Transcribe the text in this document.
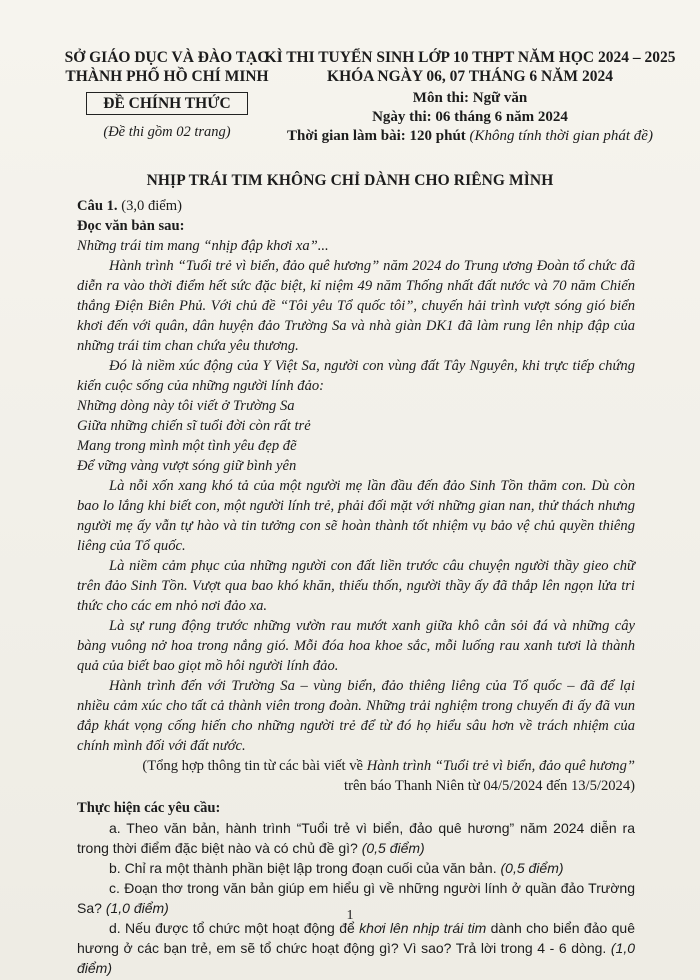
SỞ GIÁO DỤC VÀ ĐÀO TẠO
THÀNH PHỐ HỒ CHÍ MINH
ĐỀ CHÍNH THỨC
(Đề thi gồm 02 trang)
KÌ THI TUYỂN SINH LỚP 10 THPT NĂM HỌC 2024 – 2025
KHÓA NGÀY 06, 07 THÁNG 6 NĂM 2024
Môn thi: Ngữ văn
Ngày thi: 06 tháng 6 năm 2024
Thời gian làm bài: 120 phút (Không tính thời gian phát đề)
NHỊP TRÁI TIM KHÔNG CHỈ DÀNH CHO RIÊNG MÌNH

Câu 1. (3,0 điểm)

Đọc văn bản sau:

Những trái tim mang “nhịp đập khơi xa”...

Hành trình “Tuổi trẻ vì biển, đảo quê hương” năm 2024 do Trung ương Đoàn tổ chức đã diễn ra vào thời điểm hết sức đặc biệt, kỉ niệm 49 năm Thống nhất đất nước và 70 năm Chiến thắng Điện Biên Phủ. Với chủ đề “Tôi yêu Tổ quốc tôi”, chuyến hải trình vượt sóng gió biển khơi đến với quân, dân huyện đảo Trường Sa và nhà giàn DK1 đã làm rung lên nhịp đập của những trái tim chan chứa yêu thương.

Đó là niềm xúc động của Y Việt Sa, người con vùng đất Tây Nguyên, khi trực tiếp chứng kiến cuộc sống của những người lính đảo:

Những dòng này tôi viết ở Trường Sa

Giữa những chiến sĩ tuổi đời còn rất trẻ

Mang trong mình một tình yêu đẹp đẽ

Để vững vàng vượt sóng giữ bình yên

Là nỗi xốn xang khó tả của một người mẹ lần đầu đến đảo Sinh Tồn thăm con. Dù còn bao lo lắng khi biết con, một người lính trẻ, phải đối mặt với những gian nan, thử thách nhưng người mẹ ấy vẫn tự hào và tin tưởng con sẽ hoàn thành tốt nhiệm vụ bảo vệ chủ quyền thiêng liêng của Tổ quốc.

Là niềm cảm phục của những người con đất liền trước câu chuyện người thầy gieo chữ trên đảo Sinh Tồn. Vượt qua bao khó khăn, thiếu thốn, người thầy ấy đã thắp lên ngọn lửa tri thức cho các em nhỏ nơi đảo xa.

Là sự rung động trước những vườn rau mướt xanh giữa khô cằn sỏi đá và những cây bàng vuông nở hoa trong nắng gió. Mỗi đóa hoa khoe sắc, mỗi luống rau xanh tươi là thành quả của biết bao giọt mồ hôi người lính đảo.

Hành trình đến với Trường Sa – vùng biển, đảo thiêng liêng của Tổ quốc – đã để lại nhiều cảm xúc cho tất cả thành viên trong đoàn. Những trải nghiệm trong chuyến đi ấy đã vun đắp khát vọng cống hiến cho những người trẻ để từ đó họ hiểu sâu hơn về trách nhiệm của chính mình đối với đất nước.

(Tổng hợp thông tin từ các bài viết về Hành trình “Tuổi trẻ vì biển, đảo quê hương”

trên báo Thanh Niên từ 04/5/2024 đến 13/5/2024)

Thực hiện các yêu cầu:

a. Theo văn bản, hành trình “Tuổi trẻ vì biển, đảo quê hương” năm 2024 diễn ra trong thời điểm đặc biệt nào và có chủ đề gì? (0,5 điểm)

b. Chỉ ra một thành phần biệt lập trong đoạn cuối của văn bản. (0,5 điểm)

c. Đoạn thơ trong văn bản giúp em hiểu gì về những người lính ở quần đảo Trường Sa? (1,0 điểm)

d. Nếu được tổ chức một hoạt động để khơi lên nhịp trái tim dành cho biển đảo quê hương ở các bạn trẻ, em sẽ tổ chức hoạt động gì? Vì sao? Trả lời trong 4 - 6 dòng. (1,0 điểm)

1
